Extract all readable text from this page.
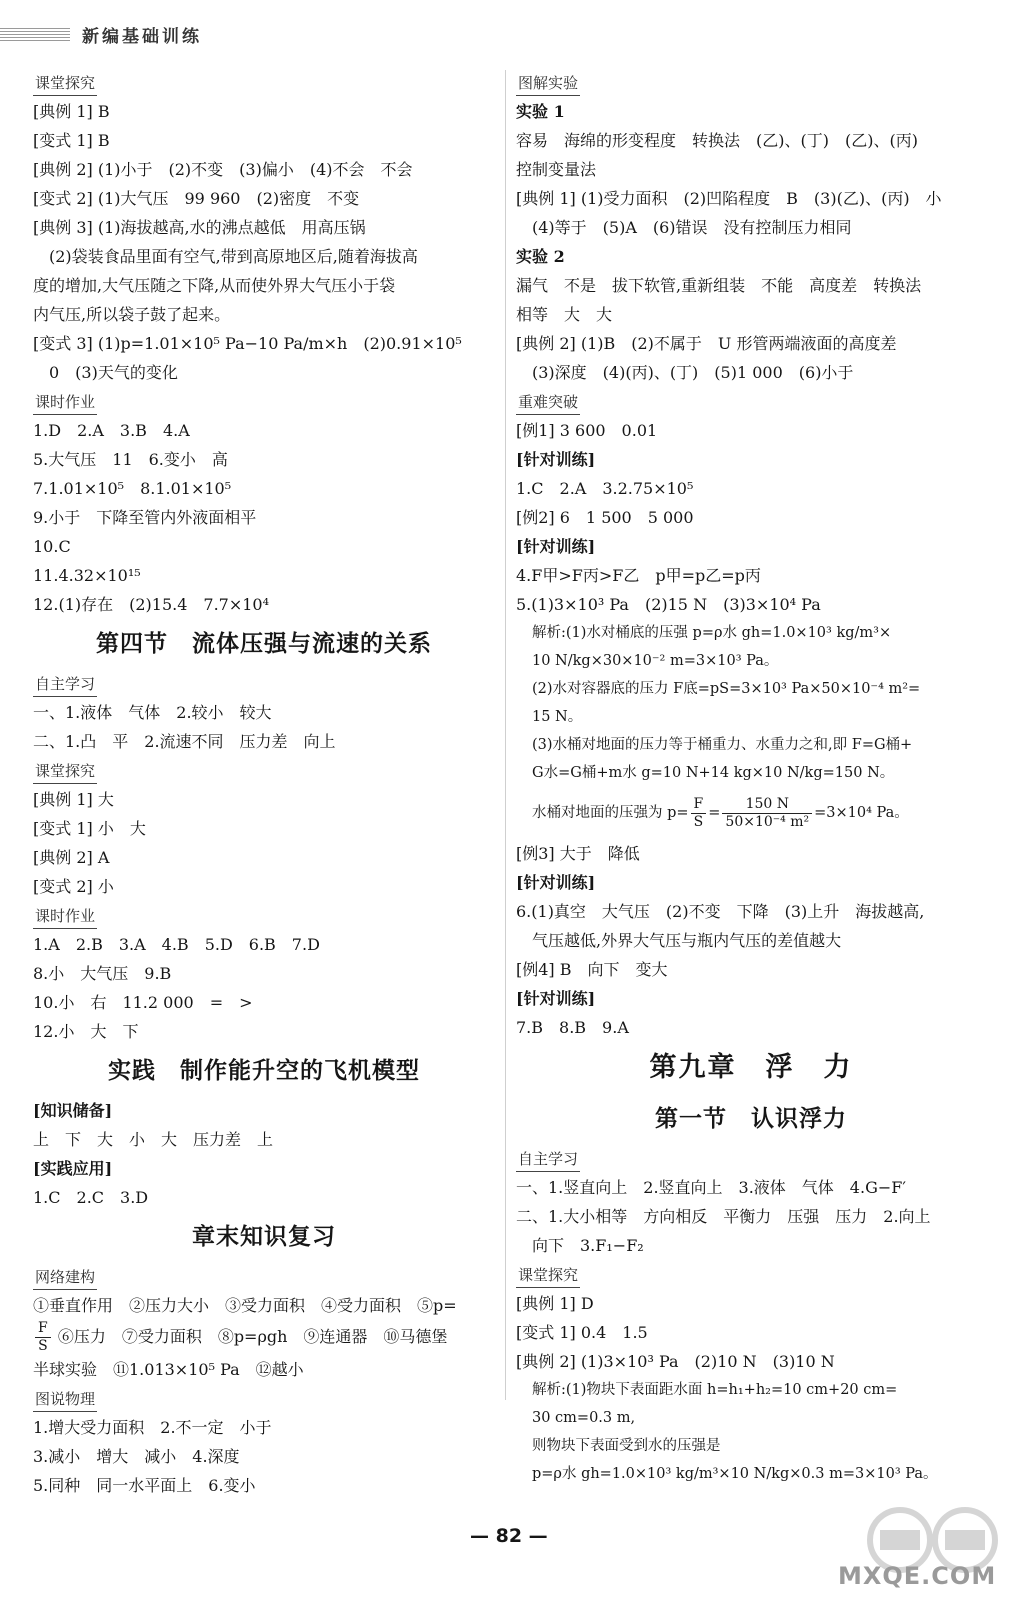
新编基础训练
课堂探究
[典例 1] B
[变式 1] B
[典例 2] (1)小于　(2)不变　(3)偏小　(4)不会　不会
[变式 2] (1)大气压　99 960　(2)密度　不变
[典例 3] (1)海拔越高,水的沸点越低　用高压锅
(2)袋装食品里面有空气,带到高原地区后,随着海拔高
度的增加,大气压随之下降,从而使外界大气压小于袋
内气压,所以袋子鼓了起来。
[变式 3] (1)p=1.01×10⁵ Pa−10 Pa/m×h　(2)0.91×10⁵
0　(3)天气的变化
课时作业
1.D　2.A　3.B　4.A
5.大气压　11　6.变小　高
7.1.01×10⁵　8.1.01×10⁵
9.小于　下降至管内外液面相平
10.C
11.4.32×10¹⁵
12.(1)存在　(2)15.4　7.7×10⁴
第四节　流体压强与流速的关系
自主学习
一、1.液体　气体　2.较小　较大
二、1.凸　平　2.流速不同　压力差　向上
课堂探究
[典例 1] 大
[变式 1] 小　大
[典例 2] A
[变式 2] 小
课时作业
1.A　2.B　3.A　4.B　5.D　6.B　7.D
8.小　大气压　9.B
10.小　右　11.2 000　=　>
12.小　大　下
实践　制作能升空的飞机模型
[知识储备]
上　下　大　小　大　压力差　上
[实践应用]
1.C　2.C　3.D
章末知识复习
网络建构
①垂直作用　②压力大小　③受力面积　④受力面积　⑤p=
$\frac{F}{S}$ ⑥压力　⑦受力面积　⑧p=ρgh　⑨连通器　⑩马德堡
半球实验　⑪1.013×10⁵ Pa　⑫越小
图说物理
1.增大受力面积　2.不一定　小于
3.减小　增大　减小　4.深度
5.同种　同一水平面上　6.变小
图解实验
实验 1
容易　海绵的形变程度　转换法　(乙)、(丁)　(乙)、(丙)
控制变量法
[典例 1] (1)受力面积　(2)凹陷程度　B　(3)(乙)、(丙)　小
(4)等于　(5)A　(6)错误　没有控制压力相同
实验 2
漏气　不是　拔下软管,重新组装　不能　高度差　转换法
相等　大　大
[典例 2] (1)B　(2)不属于　U 形管两端液面的高度差
(3)深度　(4)(丙)、(丁)　(5)1 000　(6)小于
重难突破
[例1] 3 600　0.01
[针对训练]
1.C　2.A　3.2.75×10⁵
[例2] 6　1 500　5 000
[针对训练]
4.F甲>F丙>F乙　p甲=p乙=p丙
5.(1)3×10³ Pa　(2)15 N　(3)3×10⁴ Pa
解析:(1)水对桶底的压强 p=ρ水 gh=1.0×10³ kg/m³×
10 N/kg×30×10⁻² m=3×10³ Pa。
(2)水对容器底的压力 F底=pS=3×10³ Pa×50×10⁻⁴ m²=
15 N。
(3)水桶对地面的压力等于桶重力、水重力之和,即 F=G桶+
G水=G桶+m水 g=10 N+14 kg×10 N/kg=150 N。
水桶对地面的压强为 $p= \frac{F}{S} = \frac{150 N}{\text{50×10⁻⁴ m²}} =3\times 10^4$ Pa。
[例3] 大于　降低
[针对训练]
6.(1)真空　大气压　(2)不变　下降　(3)上升　海拔越高,
气压越低,外界大气压与瓶内气压的差值越大
[例4] B　向下　变大
[针对训练]
7.B　8.B　9.A
第九章　浮　力
第一节　认识浮力
自主学习
一、1.竖直向上　2.竖直向上　3.液体　气体　4.G−F′
二、1.大小相等　方向相反　平衡力　压强　压力　2.向上
向下　3.F₁−F₂
课堂探究
[典例 1] D
[变式 1] 0.4　1.5
[典例 2] (1)3×10³ Pa　(2)10 N　(3)10 N
解析:(1)物块下表面距水面 h=h₁+h₂=10 cm+20 cm=
30 cm=0.3 m,
则物块下表面受到水的压强是
p=ρ水 gh=1.0×10³ kg/m³×10 N/kg×0.3 m=3×10³ Pa。
— 82 —
MXQE.COM
